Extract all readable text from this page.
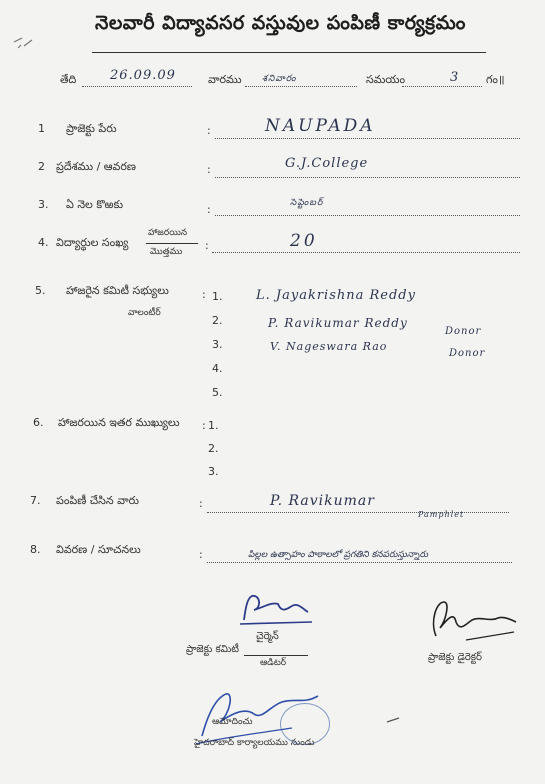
నెలవారీ విద్యావసర వస్తువుల పంపిణీ కార్యక్రమం
తేది	26.09.09	వారము శనివారం	సమయం	3 గం॥
1 ప్రాజెక్టు పేరు	:	NAUPADA
2 ప్రదేశము / ఆవరణ	:	G.J.College
3. ఏ నెల కొఱకు	:	సెప్టెంబర్
4. విద్యార్థుల సంఖ్య
హాజరయిన
మొత్తము :	20
5. హాజరైన కమిటీ సభ్యులు
వాలంటీర్
: 1.	L. Jayakrishna Reddy
2.	P. Ravikumar Reddy
Donor
3.	V. Nageswara Rao
Donor
4.
5.
6. హాజరయిన ఇతర ముఖ్యులు : 1.
2.
3.
7. పంపిణీ చేసిన వారు	:	P. Ravikumar
Pamphlet
8. వివరణ / సూచనలు	:	పిల్లల ఉత్సాహం పాఠాలలో ప్రగతిని కనపరుస్తున్నారు
చైర్మెన్
ప్రాజెక్టు కమిటీ
ఆడిటర్	ప్రాజెక్టు డైరెక్టర్
ఆమోదించు
హైదరాబాద్ కార్యాలయము నుండు
